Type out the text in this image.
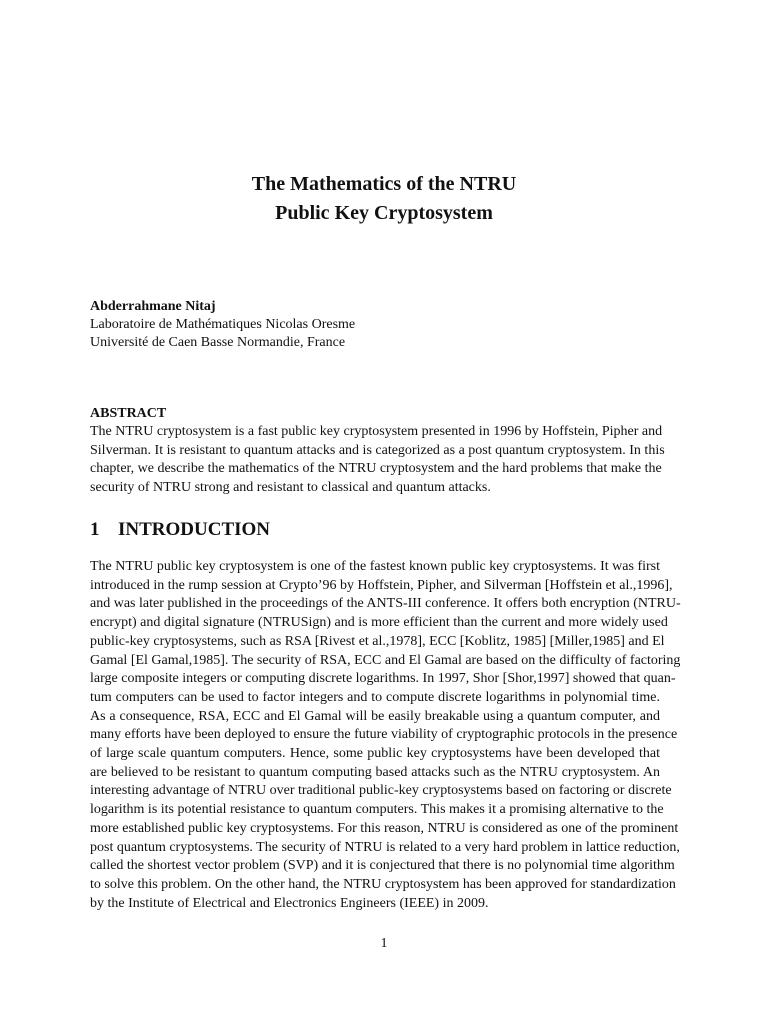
The Mathematics of the NTRU
Public Key Cryptosystem
Abderrahmane Nitaj
Laboratoire de Mathématiques Nicolas Oresme
Université de Caen Basse Normandie, France
ABSTRACT
The NTRU cryptosystem is a fast public key cryptosystem presented in 1996 by Hoffstein, Pipher and
Silverman. It is resistant to quantum attacks and is categorized as a post quantum cryptosystem. In this
chapter, we describe the mathematics of the NTRU cryptosystem and the hard problems that make the
security of NTRU strong and resistant to classical and quantum attacks.
1 INTRODUCTION
The NTRU public key cryptosystem is one of the fastest known public key cryptosystems. It was first
introduced in the rump session at Crypto’96 by Hoffstein, Pipher, and Silverman [Hoffstein et al.,1996],
and was later published in the proceedings of the ANTS-III conference. It offers both encryption (NTRU-
encrypt) and digital signature (NTRUSign) and is more efficient than the current and more widely used
public-key cryptosystems, such as RSA [Rivest et al.,1978], ECC [Koblitz, 1985] [Miller,1985] and El
Gamal [El Gamal,1985]. The security of RSA, ECC and El Gamal are based on the difficulty of factoring
large composite integers or computing discrete logarithms. In 1997, Shor [Shor,1997] showed that quan-
tum computers can be used to factor integers and to compute discrete logarithms in polynomial time.
As a consequence, RSA, ECC and El Gamal will be easily breakable using a quantum computer, and
many efforts have been deployed to ensure the future viability of cryptographic protocols in the presence
of large scale quantum computers. Hence, some public key cryptosystems have been developed that
are believed to be resistant to quantum computing based attacks such as the NTRU cryptosystem. An
interesting advantage of NTRU over traditional public-key cryptosystems based on factoring or discrete
logarithm is its potential resistance to quantum computers. This makes it a promising alternative to the
more established public key cryptosystems. For this reason, NTRU is considered as one of the prominent
post quantum cryptosystems. The security of NTRU is related to a very hard problem in lattice reduction,
called the shortest vector problem (SVP) and it is conjectured that there is no polynomial time algorithm
to solve this problem. On the other hand, the NTRU cryptosystem has been approved for standardization
by the Institute of Electrical and Electronics Engineers (IEEE) in 2009.
1
